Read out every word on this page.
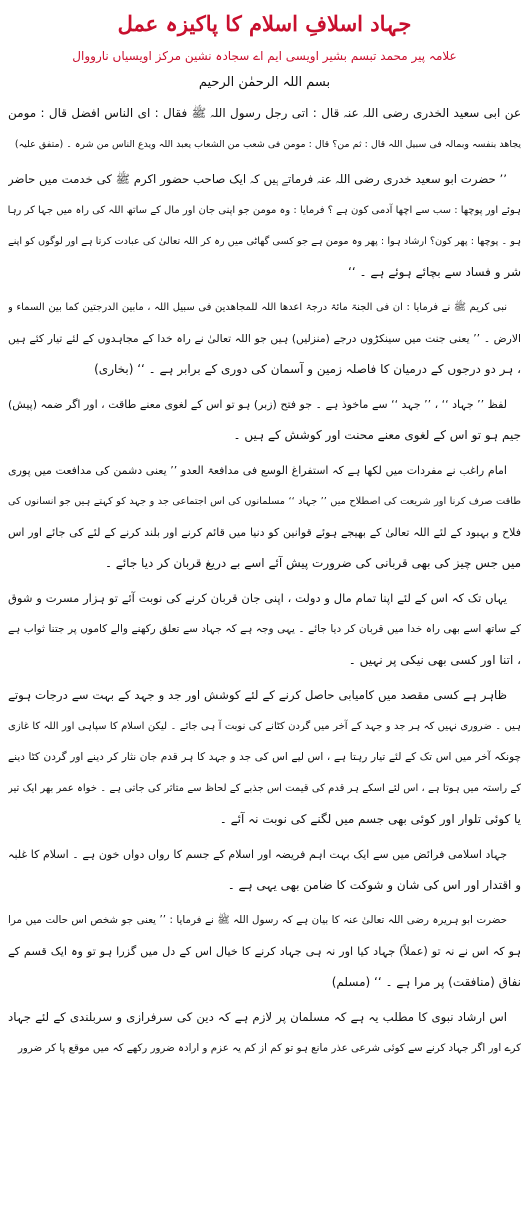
جہاد اسلافِ اسلام کا پاکیزہ عمل
علامہ پیر محمد تبسم بشیر اویسی ایم اے سجادہ نشین مرکز اویسیاں نارووال
بسم اللہ الرحمٰن الرحیم
عن ابی سعید الخدری رضی اللہ عنہ قال : اتی رجل رسول اللہ ﷺ فقال : ای الناس افضل قال : مومن
یجاھد بنفسہ وبمالہ فی سبیل اللہ قال : ثم من؟ قال : مومن فی شعب من الشعاب یعبد اللہ ویدع الناس من شرہ ۔ (متفق علیہ)
’’ حضرت ابو سعید خدری رضی اللہ عنہ فرماتے ہیں کہ ایک صاحب حضور اکرم ﷺ کی خدمت میں حاضر
ہوئے اور پوچھا : سب سے اچھا آدمی کون ہے ؟ فرمایا : وہ مومن جو اپنی جان اور مال کے ساتھ اللہ کی راہ میں جہا کر رہا
ہو ۔ پوچھا : پھر کون؟ ارشاد ہوا : پھر وہ مومن ہے جو کسی گھاٹی میں رہ کر اللہ تعالیٰ کی عبادت کرتا ہے اور لوگوں کو اپنے
شر و فساد سے بچائے ہوئے ہے ۔ ‘‘
نبی کریم ﷺ نے فرمایا : ان فی الجنۃ مائۃ درجۃ اعدھا اللہ للمجاھدین فی سبیل اللہ ، مابین الدرجتین کما بین السماء و
الارض ۔ ’’ یعنی جنت میں سینکڑوں درجے (منزلیں) ہیں جو اللہ تعالیٰ نے راہ خدا کے مجاہدوں کے لئے تیار کئے ہیں
، ہر دو درجوں کے درمیان کا فاصلہ زمین و آسمان کی دوری کے برابر ہے ۔ ‘‘ (بخاری)
لفظ ’’ جہاد ‘‘ ، ’’ جہد ‘‘ سے ماخوذ ہے ۔ جو فتح (زبر) ہو تو اس کے لغوی معنے طاقت ، اور اگر ضمہ (پیش)
جیم ہو تو اس کے لغوی معنے محنت اور کوشش کے ہیں ۔
امام راغب نے مفردات میں لکھا ہے کہ استفراغ الوسع فی مدافعۃ العدو ’’ یعنی دشمن کی مدافعت میں پوری
طاقت صرف کرنا اور شریعت کی اصطلاح میں ’’ جہاد ‘‘ مسلمانوں کی اس اجتماعی جد و جہد کو کہتے ہیں جو انسانوں کی
فلاح و بہبود کے لئے اللہ تعالیٰ کے بھیجے ہوئے قوانین کو دنیا میں قائم کرنے اور بلند کرنے کے لئے کی جائے اور اس
میں جس چیز کی بھی قربانی کی ضرورت پیش آئے اسے بے دریغ قربان کر دیا جائے ۔
یہاں تک کہ اس کے لئے اپنا تمام مال و دولت ، اپنی جان قربان کرنے کی نوبت آئے تو ہزار مسرت و شوق
کے ساتھ اسے بھی راہ خدا میں قربان کر دیا جائے ۔ یہی وجہ ہے کہ جہاد سے تعلق رکھنے والے کاموں پر جتنا ثواب ہے
، اتنا اور کسی بھی نیکی پر نہیں ۔
ظاہر ہے کسی مقصد میں کامیابی حاصل کرنے کے لئے کوشش اور جد و جہد کے بہت سے درجات ہوتے
ہیں ۔ ضروری نہیں کہ ہر جد و جہد کے آخر میں گردن کٹانے کی نوبت آ ہی جائے ۔ لیکن اسلام کا سپاہی اور اللہ کا غازی
چونکہ آخر میں اس تک کے لئے تیار رہتا ہے ، اس لیے اس کی جد و جہد کا ہر قدم جان نثار کر دینے اور گردن کٹا دینے
کے راستہ میں ہوتا ہے ، اس لئے اسکے ہر قدم کی قیمت اس جذبے کے لحاظ سے متاثر کی جاتی ہے ۔ خواہ عمر بھر ایک تیر
یا کوئی تلوار اور کوئی بھی جسم میں لگنے کی نوبت نہ آئے ۔
جہاد اسلامی فرائض میں سے ایک بہت اہم فریضہ اور اسلام کے جسم کا رواں دواں خون ہے ۔ اسلام کا غلبہ
و اقتدار اور اس کی شان و شوکت کا ضامن بھی یہی ہے ۔
حضرت ابو ہریرہ رضی اللہ تعالیٰ عنہ کا بیان ہے کہ رسول اللہ ﷺ نے فرمایا : ’’ یعنی جو شخص اس حالت میں مرا
ہو کہ اس نے نہ تو (عملاً) جہاد کیا اور نہ ہی جہاد کرنے کا خیال اس کے دل میں گزرا ہو تو وہ ایک قسم کے
نفاق (منافقت) پر مرا ہے ۔ ‘‘ (مسلم)
اس ارشاد نبوی کا مطلب یہ ہے کہ مسلمان پر لازم ہے کہ دین کی سرفرازی و سربلندی کے لئے جہاد
کرے اور اگر جہاد کرنے سے کوئی شرعی عذر مانع ہو تو کم از کم یہ عزم و ارادہ ضرور رکھے کہ میں موقع پا کر ضرور
